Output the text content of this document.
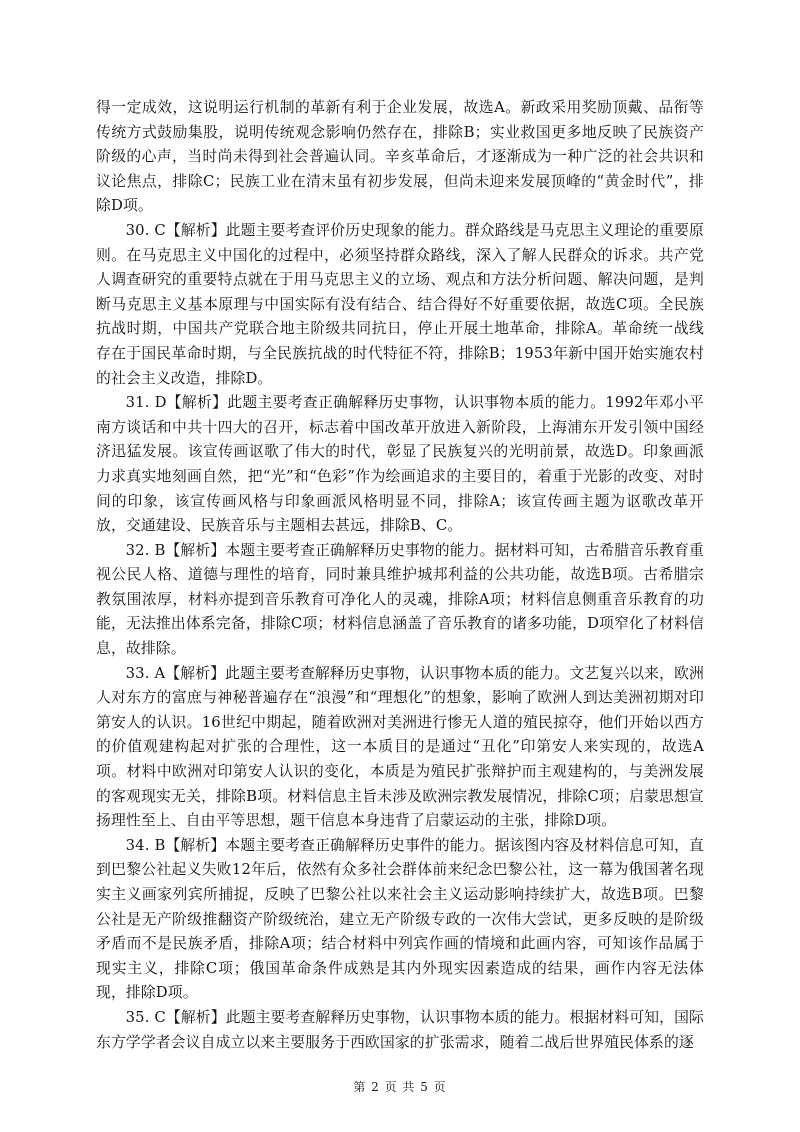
得一定成效，这说明运行机制的革新有利于企业发展，故选A。新政采用奖励顶戴、品衔等传统方式鼓励集股，说明传统观念影响仍然存在，排除B；实业救国更多地反映了民族资产阶级的心声，当时尚未得到社会普遍认同。辛亥革命后，才逐渐成为一种广泛的社会共识和议论焦点，排除C；民族工业在清末虽有初步发展，但尚未迎来发展顶峰的“黄金时代”，排除D项。

30. C【解析】此题主要考查评价历史现象的能力。群众路线是马克思主义理论的重要原则。在马克思主义中国化的过程中，必须坚持群众路线，深入了解人民群众的诉求。共产党人调查研究的重要特点就在于用马克思主义的立场、观点和方法分析问题、解决问题，是判断马克思主义基本原理与中国实际有没有结合、结合得好不好重要依据，故选C项。全民族抗战时期，中国共产党联合地主阶级共同抗日，停止开展土地革命，排除A。革命统一战线存在于国民革命时期，与全民族抗战的时代特征不符，排除B；1953年新中国开始实施农村的社会主义改造，排除D。

31. D【解析】此题主要考查正确解释历史事物，认识事物本质的能力。1992年邓小平南方谈话和中共十四大的召开，标志着中国改革开放进入新阶段，上海浦东开发引领中国经济迅猛发展。该宣传画讴歌了伟大的时代，彰显了民族复兴的光明前景，故选D。印象画派力求真实地刻画自然，把“光”和“色彩”作为绘画追求的主要目的，着重于光影的改变、对时间的印象，该宣传画风格与印象画派风格明显不同，排除A；该宣传画主题为讴歌改革开放，交通建设、民族音乐与主题相去甚远，排除B、C。

32. B【解析】本题主要考查正确解释历史事物的能力。据材料可知，古希腊音乐教育重视公民人格、道德与理性的培育，同时兼具维护城邦利益的公共功能，故选B项。古希腊宗教氛围浓厚，材料亦提到音乐教育可净化人的灵魂，排除A项；材料信息侧重音乐教育的功能，无法推出体系完备，排除C项；材料信息涵盖了音乐教育的诸多功能，D项窄化了材料信息，故排除。

33. A【解析】此题主要考查解释历史事物，认识事物本质的能力。文艺复兴以来，欧洲人对东方的富庶与神秘普遍存在“浪漫”和“理想化”的想象，影响了欧洲人到达美洲初期对印第安人的认识。16世纪中期起，随着欧洲对美洲进行惨无人道的殖民掠夺，他们开始以西方的价值观建构起对扩张的合理性，这一本质目的是通过“丑化”印第安人来实现的，故选A项。材料中欧洲对印第安人认识的变化，本质是为殖民扩张辩护而主观建构的，与美洲发展的客观现实无关，排除B项。材料信息主旨未涉及欧洲宗教发展情况，排除C项；启蒙思想宣扬理性至上、自由平等思想，题干信息本身违背了启蒙运动的主张，排除D项。

34. B【解析】本题主要考查正确解释历史事件的能力。据该图内容及材料信息可知，直到巴黎公社起义失败12年后，依然有众多社会群体前来纪念巴黎公社，这一幕为俄国著名现实主义画家列宾所捕捉，反映了巴黎公社以来社会主义运动影响持续扩大，故选B项。巴黎公社是无产阶级推翻资产阶级统治，建立无产阶级专政的一次伟大尝试，更多反映的是阶级矛盾而不是民族矛盾，排除A项；结合材料中列宾作画的情境和此画内容，可知该作品属于现实主义，排除C项；俄国革命条件成熟是其内外现实因素造成的结果，画作内容无法体现，排除D项。

35. C【解析】此题主要考查解释历史事物，认识事物本质的能力。根据材料可知，国际东方学学者会议自成立以来主要服务于西欧国家的扩张需求，随着二战后世界殖民体系的逐

第 2 页 共 5 页
